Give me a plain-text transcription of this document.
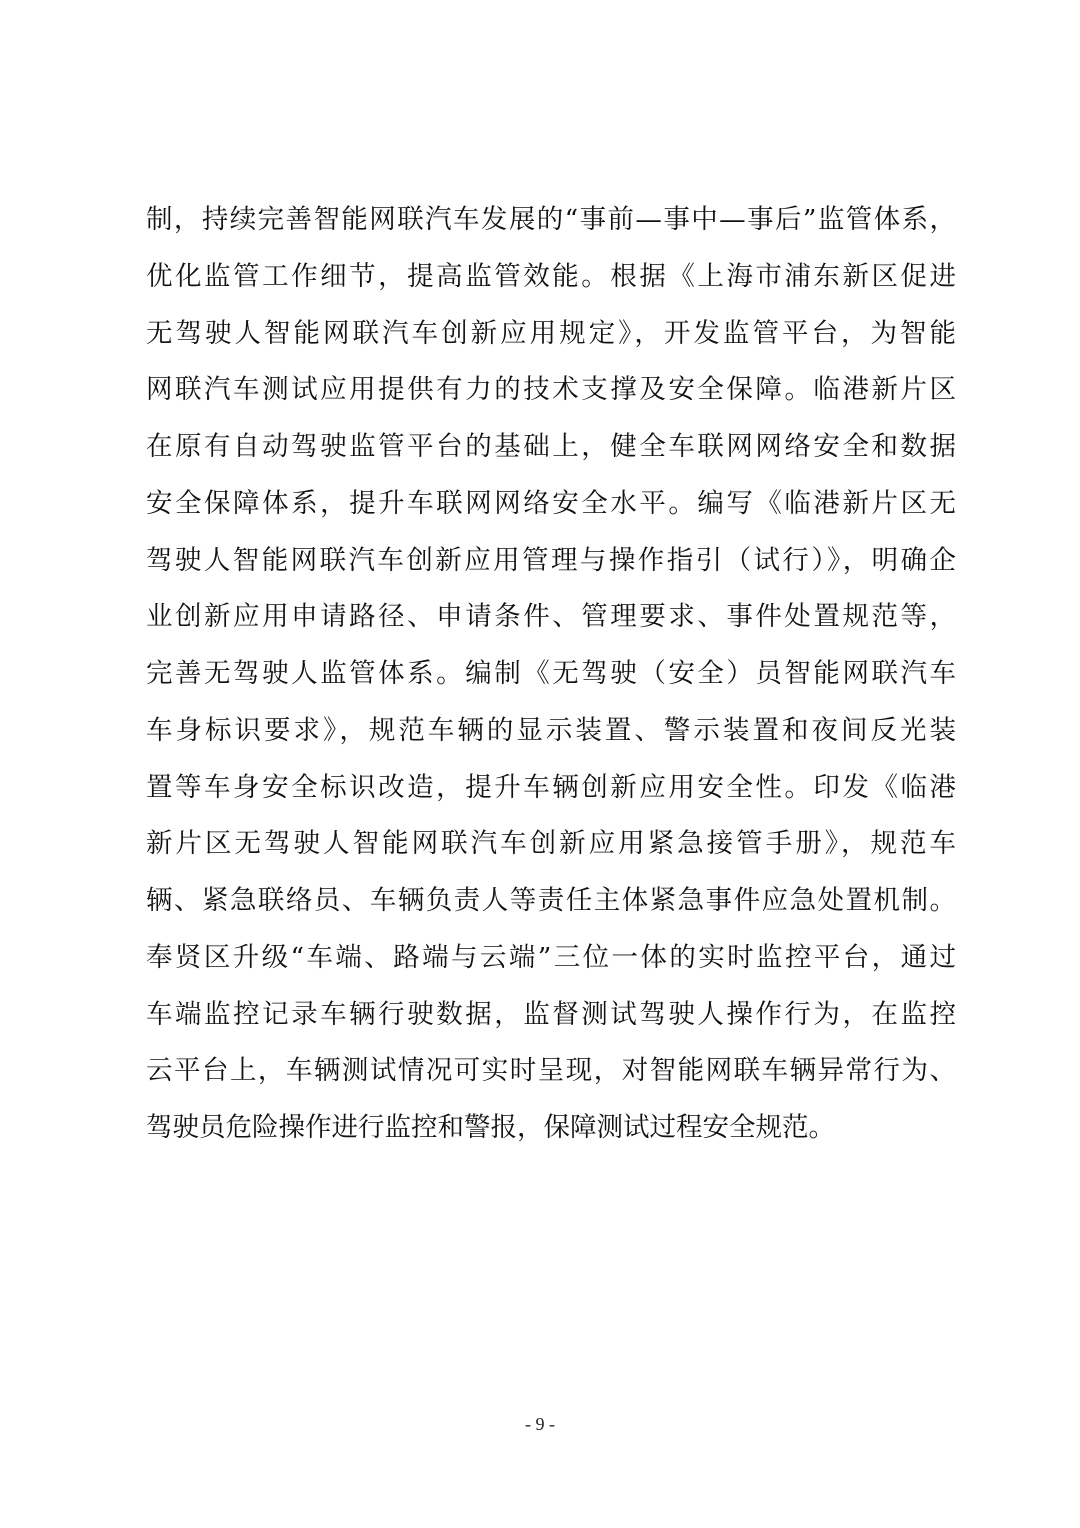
制，持续完善智能网联汽车发展的“事前—事中—事后”监管体系，
优化监管工作细节，提高监管效能。根据《上海市浦东新区促进
无驾驶人智能网联汽车创新应用规定》，开发监管平台，为智能
网联汽车测试应用提供有力的技术支撑及安全保障。临港新片区
在原有自动驾驶监管平台的基础上，健全车联网网络安全和数据
安全保障体系，提升车联网网络安全水平。编写《临港新片区无
驾驶人智能网联汽车创新应用管理与操作指引（试行）》，明确企
业创新应用申请路径、申请条件、管理要求、事件处置规范等，
完善无驾驶人监管体系。编制《无驾驶（安全）员智能网联汽车
车身标识要求》，规范车辆的显示装置、警示装置和夜间反光装
置等车身安全标识改造，提升车辆创新应用安全性。印发《临港
新片区无驾驶人智能网联汽车创新应用紧急接管手册》，规范车
辆、紧急联络员、车辆负责人等责任主体紧急事件应急处置机制。
奉贤区升级“车端、路端与云端”三位一体的实时监控平台，通过
车端监控记录车辆行驶数据，监督测试驾驶人操作行为，在监控
云平台上，车辆测试情况可实时呈现，对智能网联车辆异常行为、
驾驶员危险操作进行监控和警报，保障测试过程安全规范。
- 9 -
